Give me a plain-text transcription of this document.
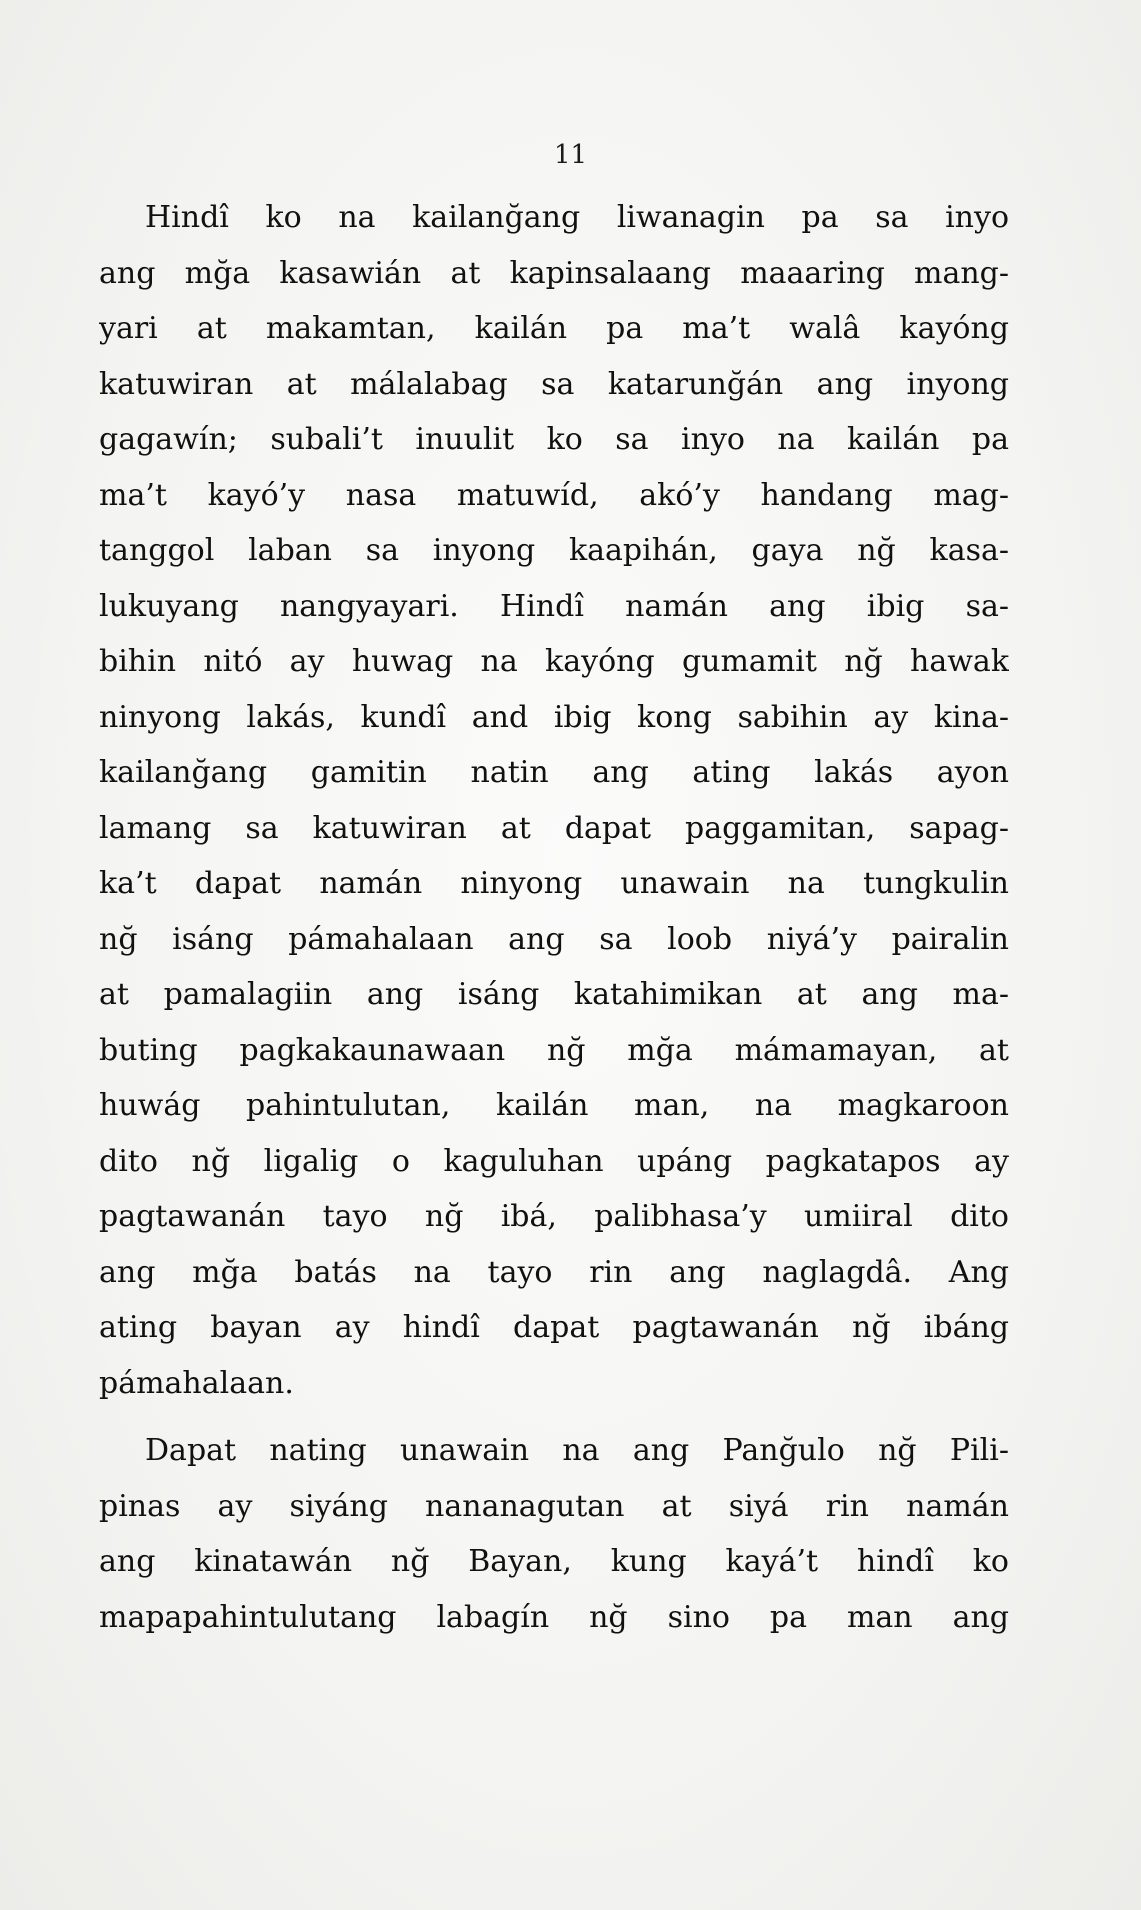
11
Hindî ko na kailanğang liwanagin pa sa inyo
ang mğa kasawián at kapinsalaang maaaring mang-
yari at makamtan, kailán pa ma’t walâ kayóng
katuwiran at málalabag sa katarunğán ang inyong
gagawín; subali’t inuulit ko sa inyo na kailán pa
ma’t kayó’y nasa matuwíd, akó’y handang mag-
tanggol laban sa inyong kaapihán, gaya nğ kasa-
lukuyang nangyayari. Hindî namán ang ibig sa-
bihin nitó ay huwag na kayóng gumamit nğ hawak
ninyong lakás, kundî and ibig kong sabihin ay kina-
kailanğang gamitin natin ang ating lakás ayon
lamang sa katuwiran at dapat paggamitan, sapag-
ka’t dapat namán ninyong unawain na tungkulin
nğ isáng pámahalaan ang sa loob niyá’y pairalin
at pamalagiin ang isáng katahimikan at ang ma-
buting pagkakaunawaan nğ mğa mámamayan, at
huwág pahintulutan, kailán man, na magkaroon
dito nğ ligalig o kaguluhan upáng pagkatapos ay
pagtawanán tayo nğ ibá, palibhasa’y umiiral dito
ang mğa batás na tayo rin ang naglagdâ. Ang
ating bayan ay hindî dapat pagtawanán nğ ibáng
pámahalaan.
Dapat nating unawain na ang Panğulo nğ Pili-
pinas ay siyáng nananagutan at siyá rin namán
ang kinatawán nğ Bayan, kung kayá’t hindî ko
mapapahintulutang labagín nğ sino pa man ang
